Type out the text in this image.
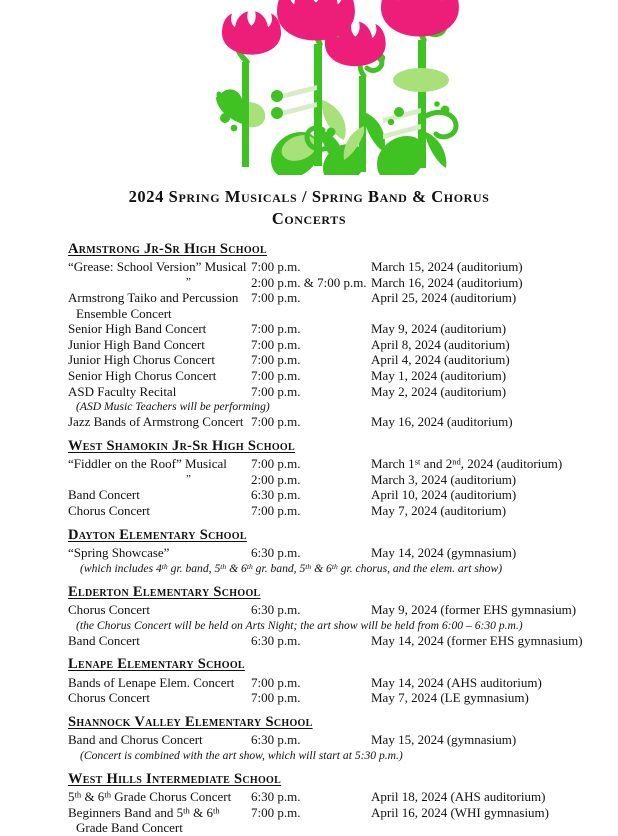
2024 Spring Musicals / Spring Band & Chorus
Concerts
Armstrong Jr-Sr High School
“Grease: School Version” Musical 7:00 p.m.	March 15, 2024 (auditorium)
”	2:00 p.m. & 7:00 p.m. March 16, 2024 (auditorium)
Armstrong Taiko and Percussion 7:00 p.m.	April 25, 2024 (auditorium)
Ensemble Concert
Senior High Band Concert	7:00 p.m.	May 9, 2024 (auditorium)
Junior High Band Concert	7:00 p.m.	April 8, 2024 (auditorium)
Junior High Chorus Concert	7:00 p.m.	April 4, 2024 (auditorium)
Senior High Chorus Concert	7:00 p.m.	May 1, 2024 (auditorium)
ASD Faculty Recital	7:00 p.m.	May 2, 2024 (auditorium)
(ASD Music Teachers will be performing)
Jazz Bands of Armstrong Concert 7:00 p.m.	May 16, 2024 (auditorium)
West Shamokin Jr-Sr High School
“Fiddler on the Roof” Musical 7:00 p.m.	March 1st and 2nd, 2024 (auditorium)
”	2:00 p.m.	March 3, 2024 (auditorium)
Band Concert	6:30 p.m.	April 10, 2024 (auditorium)
Chorus Concert	7:00 p.m.	May 7, 2024 (auditorium)
Dayton Elementary School
“Spring Showcase”	6:30 p.m.	May 14, 2024 (gymnasium)
(which includes 4th gr. band, 5th & 6th gr. band, 5th & 6th gr. chorus, and the elem. art show)
Elderton Elementary School
Chorus Concert	6:30 p.m.	May 9, 2024 (former EHS gymnasium)
(the Chorus Concert will be held on Arts Night; the art show will be held from 6:00 – 6:30 p.m.)
Band Concert	6:30 p.m.	May 14, 2024 (former EHS gymnasium)
Lenape Elementary School
Bands of Lenape Elem. Concert 7:00 p.m.	May 14, 2024 (AHS auditorium)
Chorus Concert	7:00 p.m.	May 7, 2024 (LE gymnasium)
Shannock Valley Elementary School
Band and Chorus Concert	6:30 p.m.	May 15, 2024 (gymnasium)
(Concert is combined with the art show, which will start at 5:30 p.m.)
West Hills Intermediate School
5th & 6th Grade Chorus Concert 6:30 p.m.	April 18, 2024 (AHS auditorium)
Beginners Band and 5th & 6th 7:00 p.m.	April 16, 2024 (WHI gymnasium)
Grade Band Concert
